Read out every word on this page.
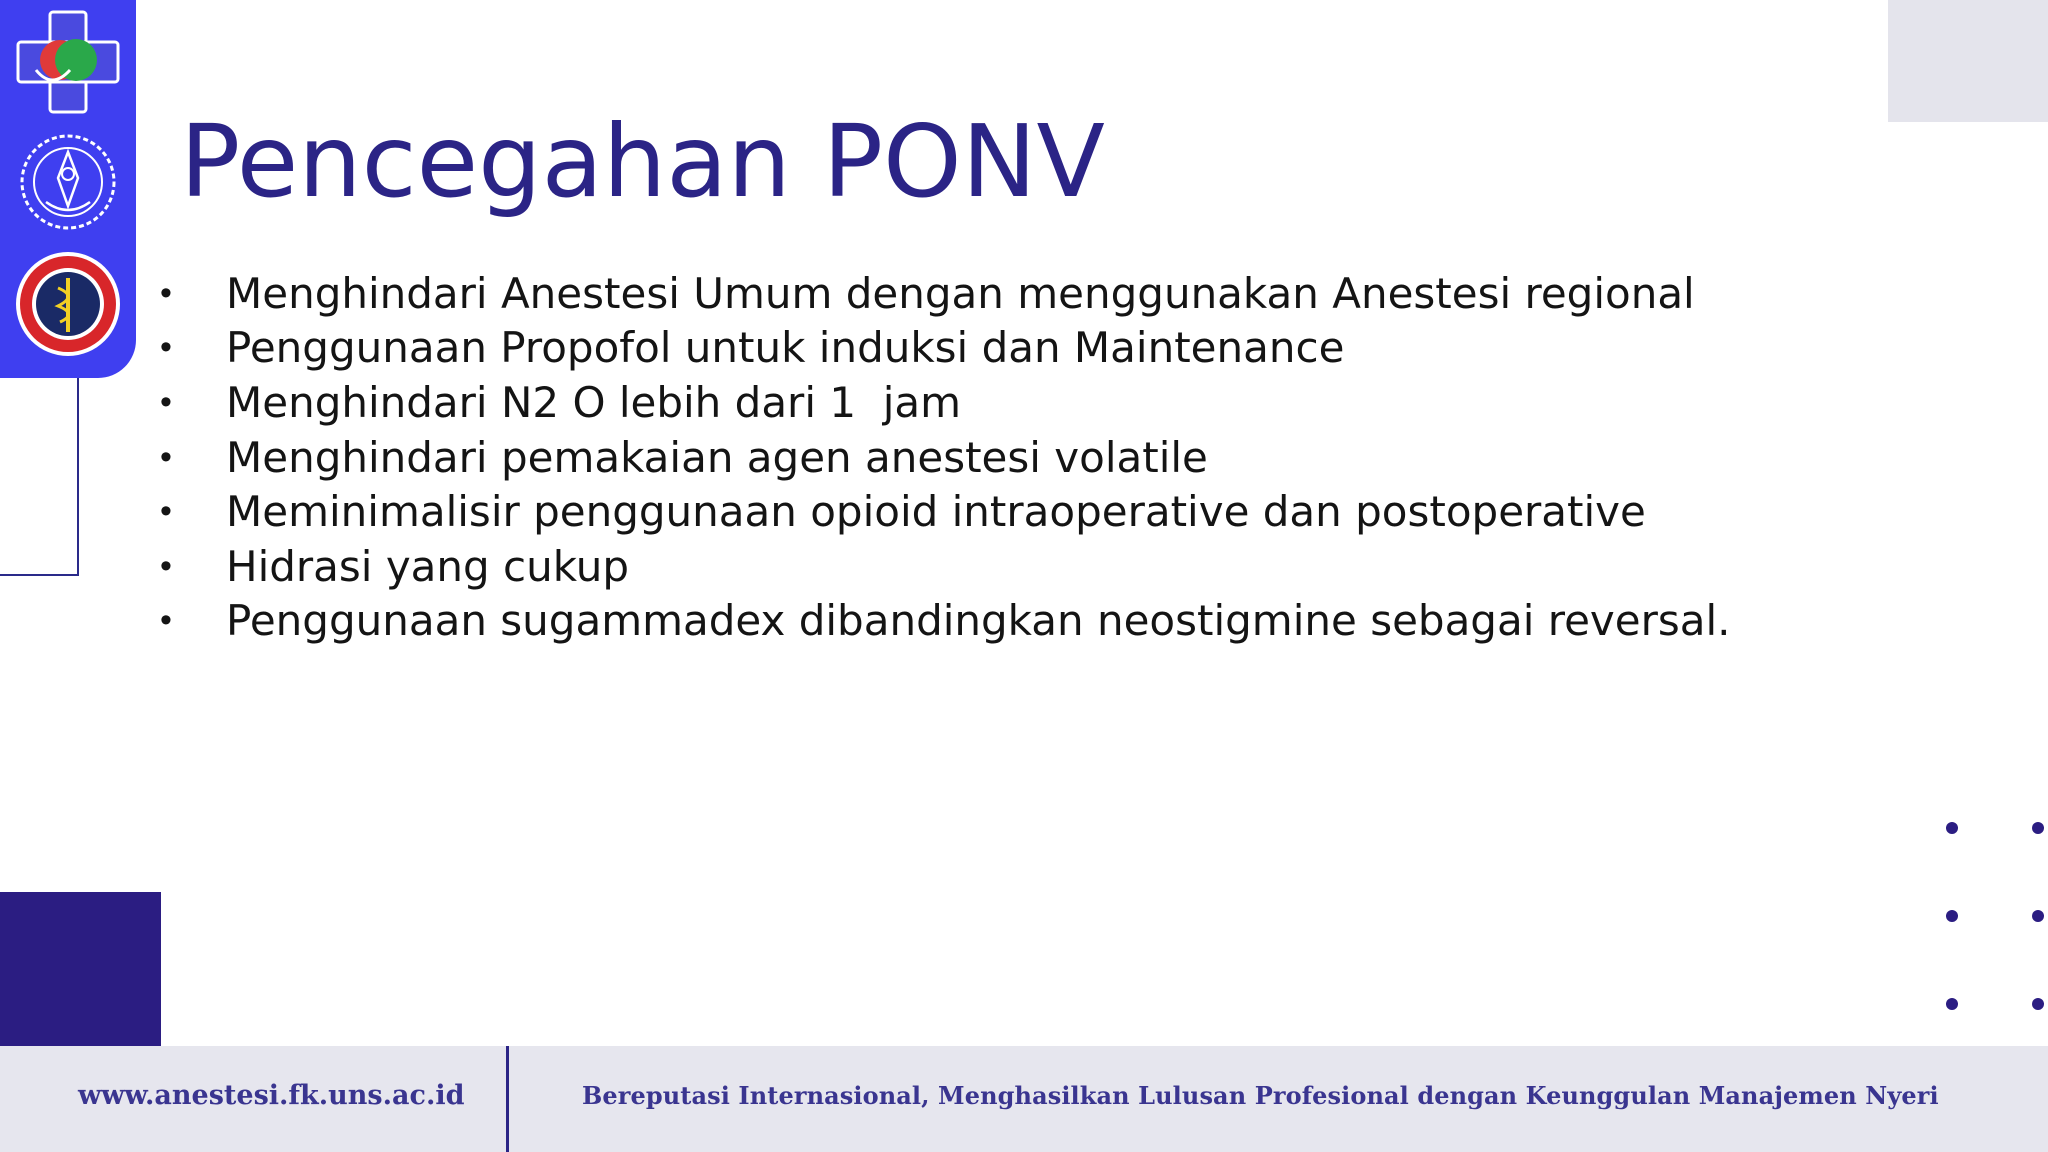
Pencegahan PONV
•	Menghindari Anestesi Umum dengan menggunakan Anestesi regional
•	Penggunaan Propofol untuk induksi dan Maintenance
•	Menghindari N2 O lebih dari 1  jam
•	Menghindari pemakaian agen anestesi volatile
•	Meminimalisir penggunaan opioid intraoperative dan postoperative
•	Hidrasi yang cukup
•	Penggunaan sugammadex dibandingkan neostigmine sebagai reversal.
www.anestesi.fk.uns.ac.id	Bereputasi Internasional, Menghasilkan Lulusan Profesional dengan Keunggulan Manajemen Nyeri
